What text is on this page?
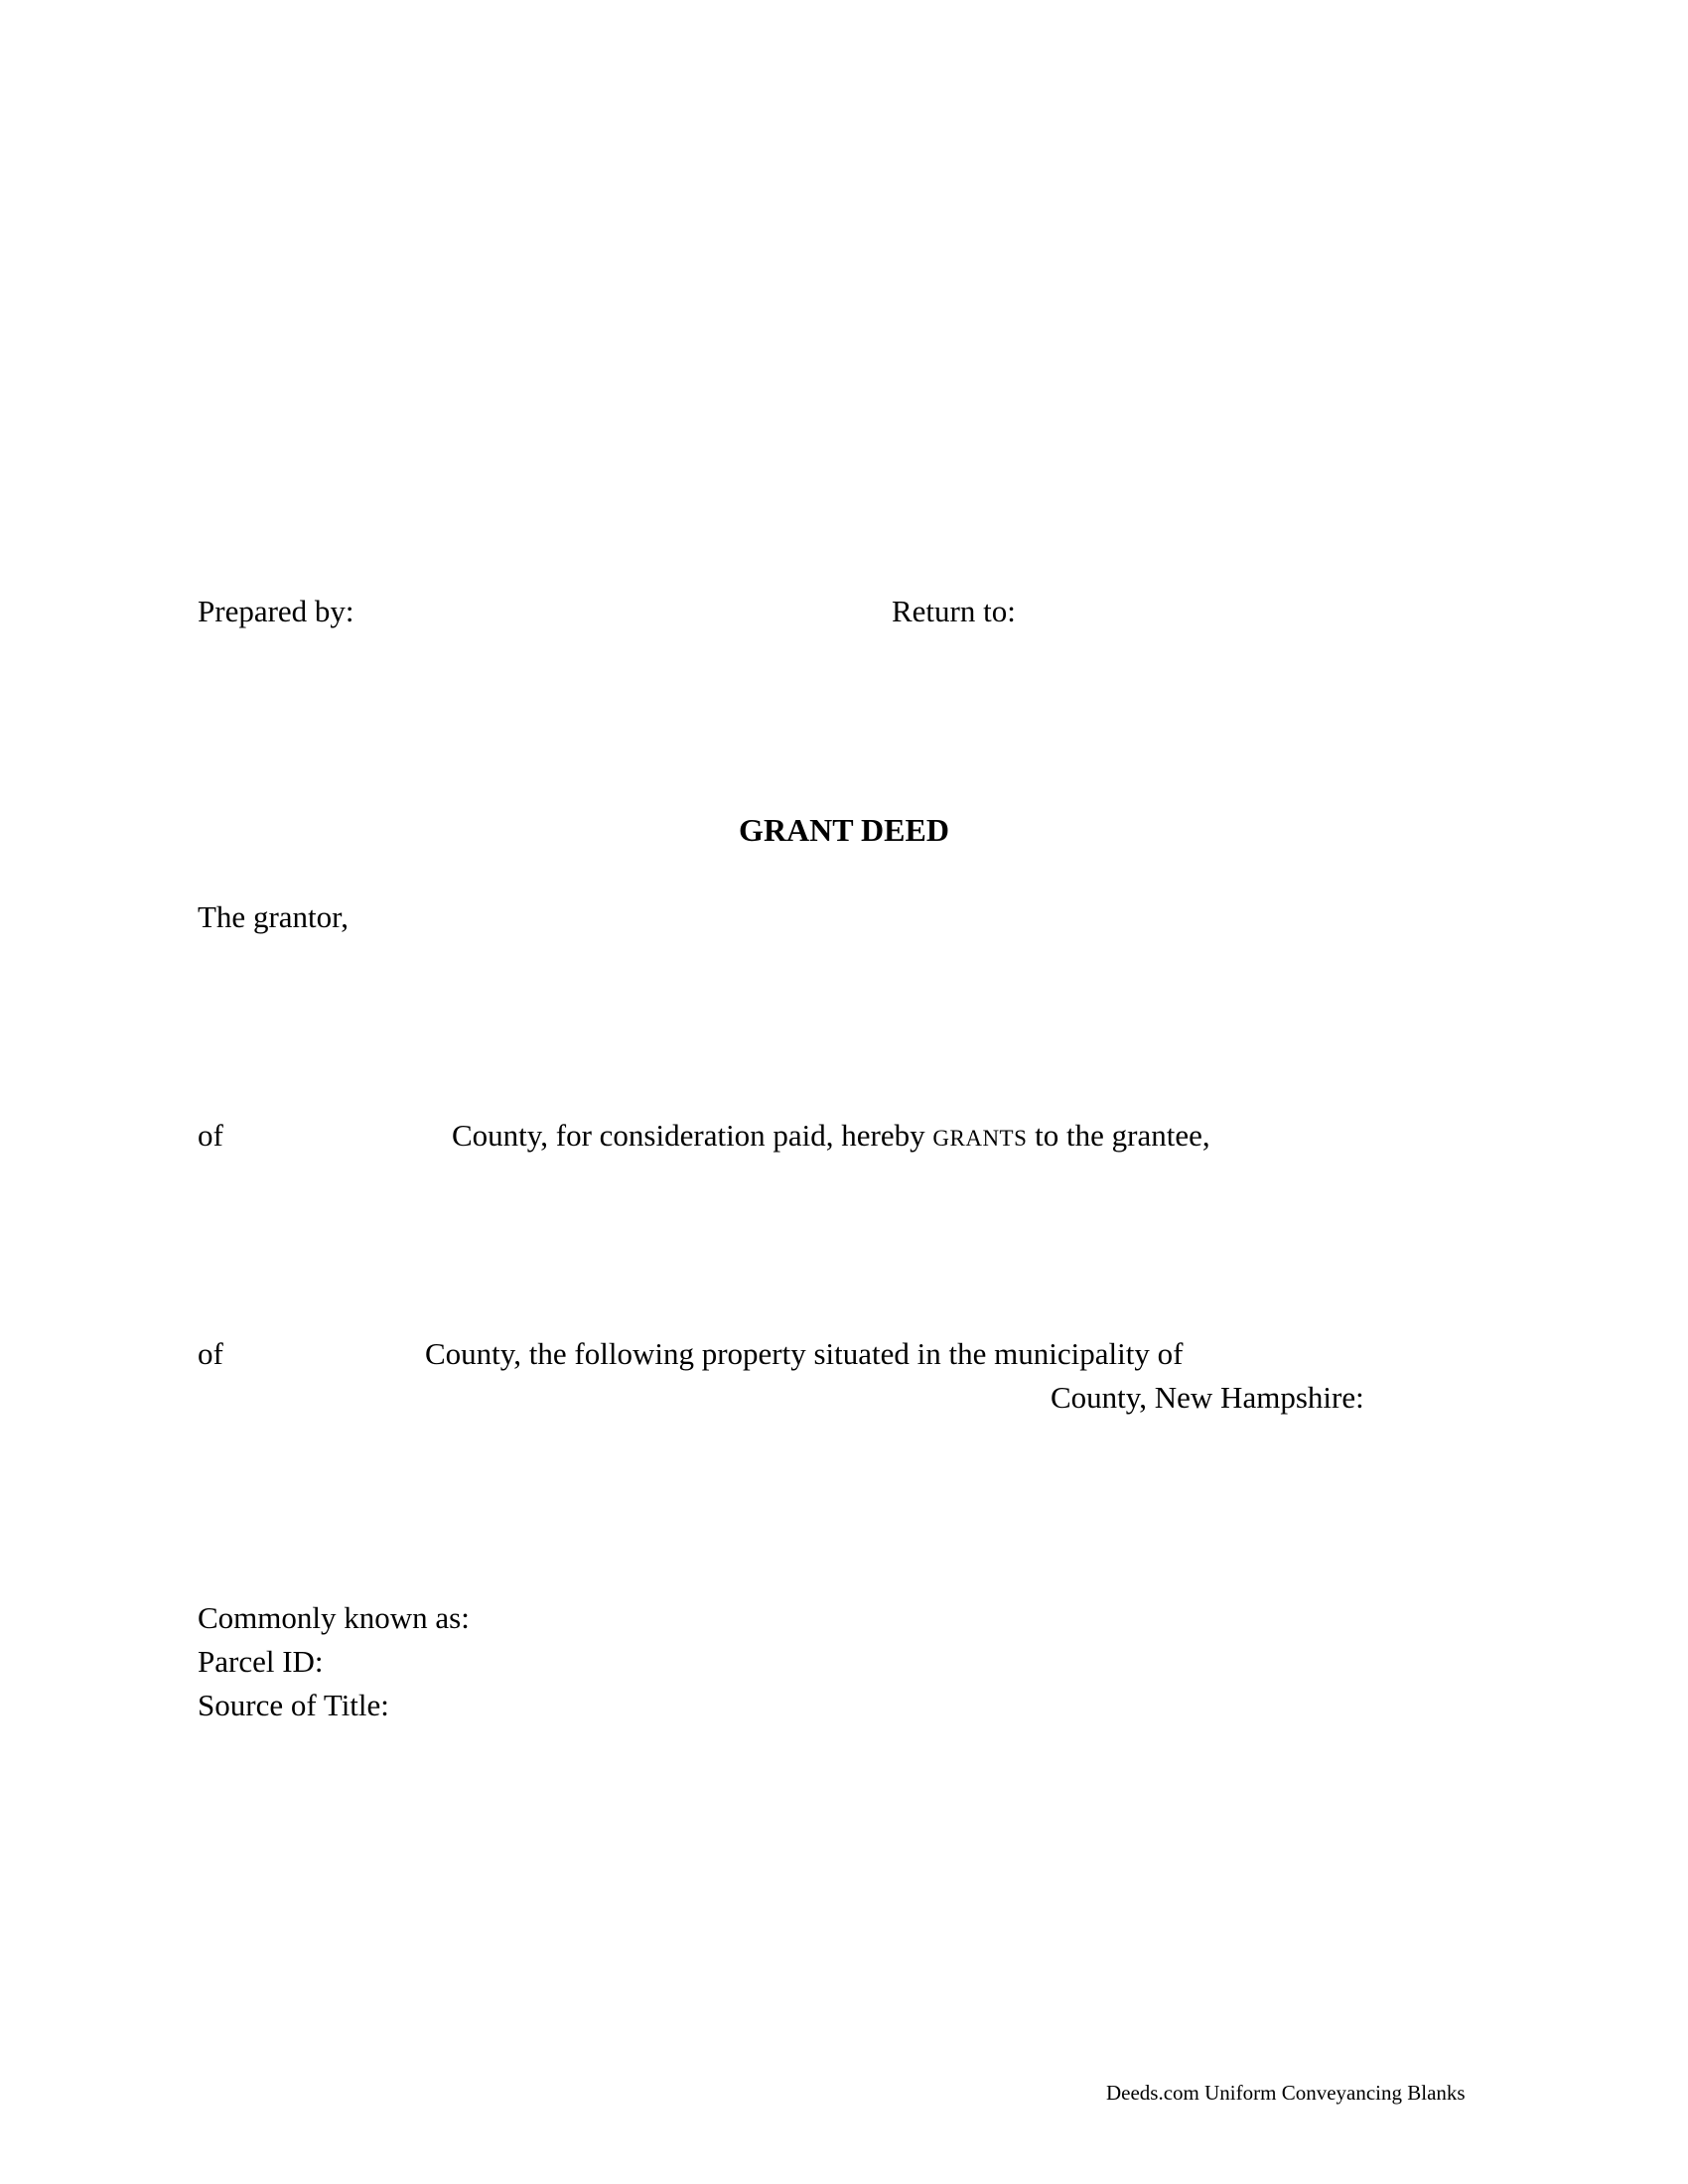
Prepared by:	Return to:
GRANT DEED
The grantor,
of	County, for consideration paid, hereby GRANTS to the grantee,
of	County, the following property situated in the municipality of
County, New Hampshire:
Commonly known as:
Parcel ID:
Source of Title:
Deeds.com Uniform Conveyancing Blanks
